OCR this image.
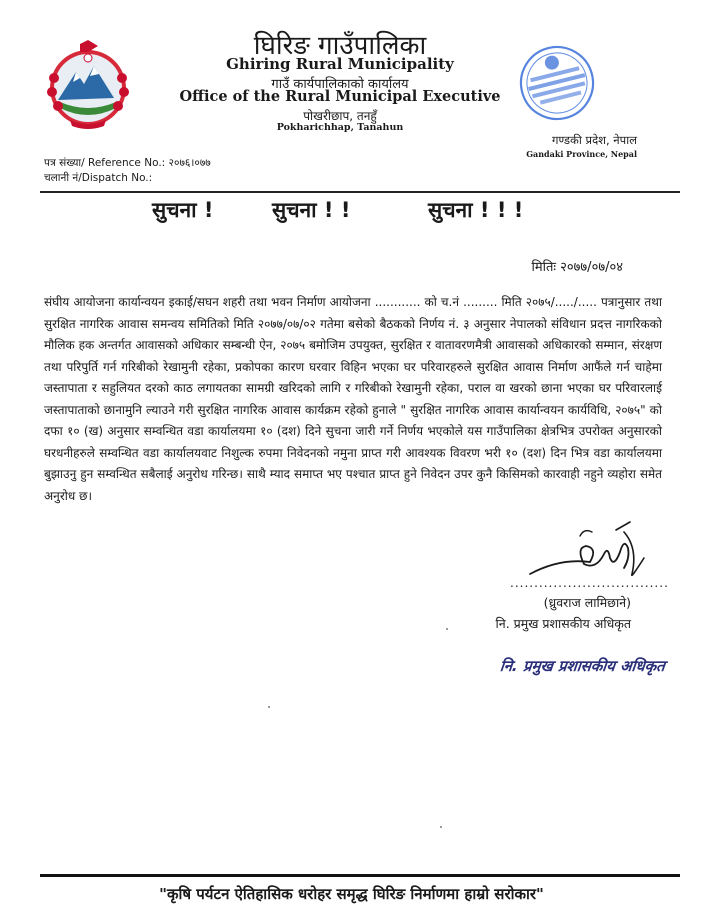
घिरिङ गाउँपालिका
Ghiring Rural Municipality
गाउँ कार्यपालिकाको कार्यालय
Office of the Rural Municipal Executive
पोखरीछाप, तनहुँ
Pokharichhap, Tanahun
गण्डकी प्रदेश, नेपाल
Gandaki Province, Nepal
पत्र संख्या/ Reference No.: २०७६।०७७
चलानी नं/Dispatch No.:
सुचना !	सुचना ! !	सुचना ! ! !
मितिः २०७७/०७/०४
संघीय आयोजना कार्यान्वयन इकाई/सघन शहरी तथा भवन निर्माण आयोजना ............ को च.नं ......... मिति २०७५/...../..... पत्रानुसार तथा सुरक्षित नागरिक आवास समन्वय समितिको मिति २०७७/०७/०२ गतेमा बसेको बैठकको निर्णय नं. ३ अनुसार नेपालको संविधान प्रदत्त नागरिकको मौलिक हक अन्तर्गत आवासको अधिकार सम्बन्धी ऐन, २०७५ बमोजिम उपयुक्त, सुरक्षित र वातावरणमैत्री आवासको अधिकारको सम्मान, संरक्षण तथा परिपुर्ति गर्न गरिबीको रेखामुनी रहेका, प्रकोपका कारण घरवार विहिन भएका घर परिवारहरुले सुरक्षित आवास निर्माण आफैंले गर्न चाहेमा जस्तापाता र सहुलियत दरको काठ लगायतका सामग्री खरिदको लागि र गरिबीको रेखामुनी रहेका, पराल वा खरको छाना भएका घर परिवारलाई जस्तापाताको छानामुनि ल्याउने गरी सुरक्षित नागरिक आवास कार्यक्रम रहेको हुनाले " सुरक्षित नागरिक आवास कार्यान्वयन कार्यविधि, २०७५" को दफा १० (ख) अनुसार सम्वन्धित वडा कार्यालयमा १० (दश) दिने सुचना जारी गर्ने निर्णय भएकोले यस गाउँपालिका क्षेत्रभित्र उपरोक्त अनुसारको घरधनीहरुले सम्वन्धित वडा कार्यालयवाट निशुल्क रुपमा निवेदनको नमुना प्राप्त गरी आवश्यक विवरण भरी १० (दश) दिन भित्र वडा कार्यालयमा बुझाउनु हुन सम्वन्धित सबैलाई अनुरोध गरिन्छ। साथै म्याद समाप्त भए पश्चात प्राप्त हुने निवेदन उपर कुनै किसिमको कारवाही नहुने व्यहोरा समेत अनुरोध छ।
.................................
(ध्रुवराज लामिछाने)
नि. प्रमुख प्रशासकीय अधिकृत
नि. प्रमुख प्रशासकीय अधिकृत
"कृषि पर्यटन ऐतिहासिक धरोहर समृद्ध घिरिङ निर्माणमा हाम्रो सरोकार"
